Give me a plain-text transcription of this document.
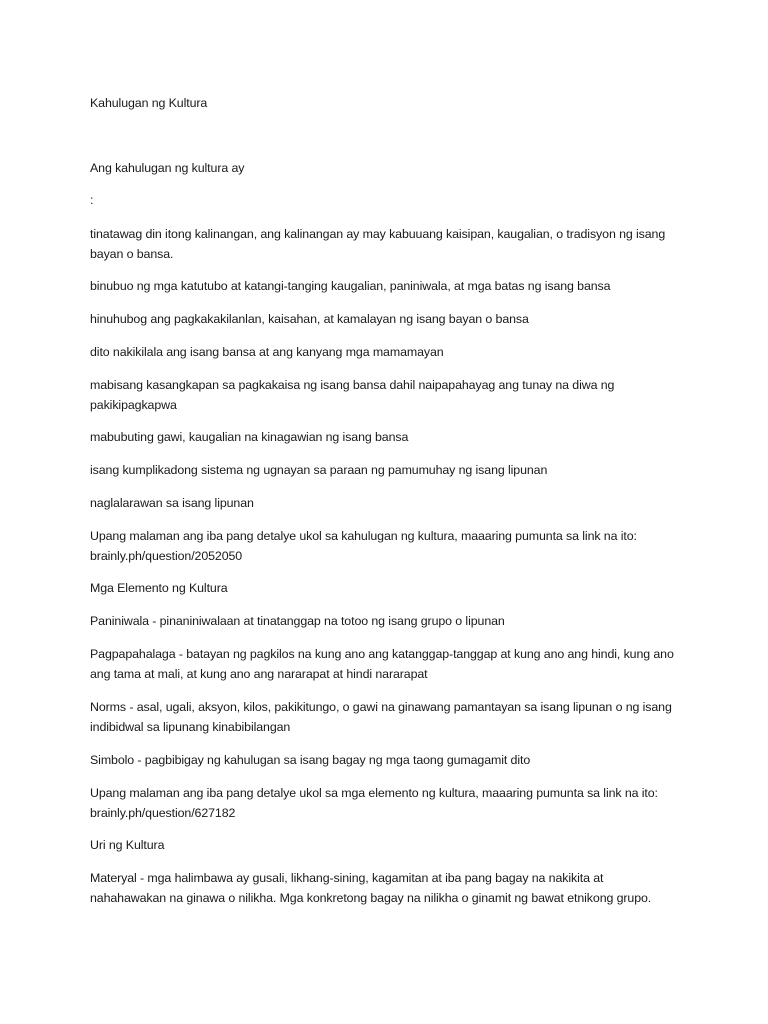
Kahulugan ng Kultura

Ang kahulugan ng kultura ay

:

tinatawag din itong kalinangan, ang kalinangan ay may kabuuang kaisipan, kaugalian, o tradisyon ng isang bayan o bansa.

binubuo ng mga katutubo at katangi-tanging kaugalian, paniniwala, at mga batas ng isang bansa

hinuhubog ang pagkakakilanlan, kaisahan, at kamalayan ng isang bayan o bansa

dito nakikilala ang isang bansa at ang kanyang mga mamamayan

mabisang kasangkapan sa pagkakaisa ng isang bansa dahil naipapahayag ang tunay na diwa ng pakikipagkapwa

mabubuting gawi, kaugalian na kinagawian ng isang bansa

isang kumplikadong sistema ng ugnayan sa paraan ng pamumuhay ng isang lipunan

naglalarawan sa isang lipunan

Upang malaman ang iba pang detalye ukol sa kahulugan ng kultura, maaaring pumunta sa link na ito: brainly.ph/question/2052050

Mga Elemento ng Kultura

Paniniwala - pinaniniwalaan at tinatanggap na totoo ng isang grupo o lipunan

Pagpapahalaga - batayan ng pagkilos na kung ano ang katanggap-tanggap at kung ano ang hindi, kung ano ang tama at mali, at kung ano ang nararapat at hindi nararapat

Norms - asal, ugali, aksyon, kilos, pakikitungo, o gawi na ginawang pamantayan sa isang lipunan o ng isang indibidwal sa lipunang kinabibilangan

Simbolo - pagbibigay ng kahulugan sa isang bagay ng mga taong gumagamit dito

Upang malaman ang iba pang detalye ukol sa mga elemento ng kultura, maaaring pumunta sa link na ito: brainly.ph/question/627182

Uri ng Kultura

Materyal - mga halimbawa ay gusali, likhang-sining, kagamitan at iba pang bagay na nakikita at nahahawakan na ginawa o nilikha. Mga konkretong bagay na nilikha o ginamit ng bawat etnikong grupo.
